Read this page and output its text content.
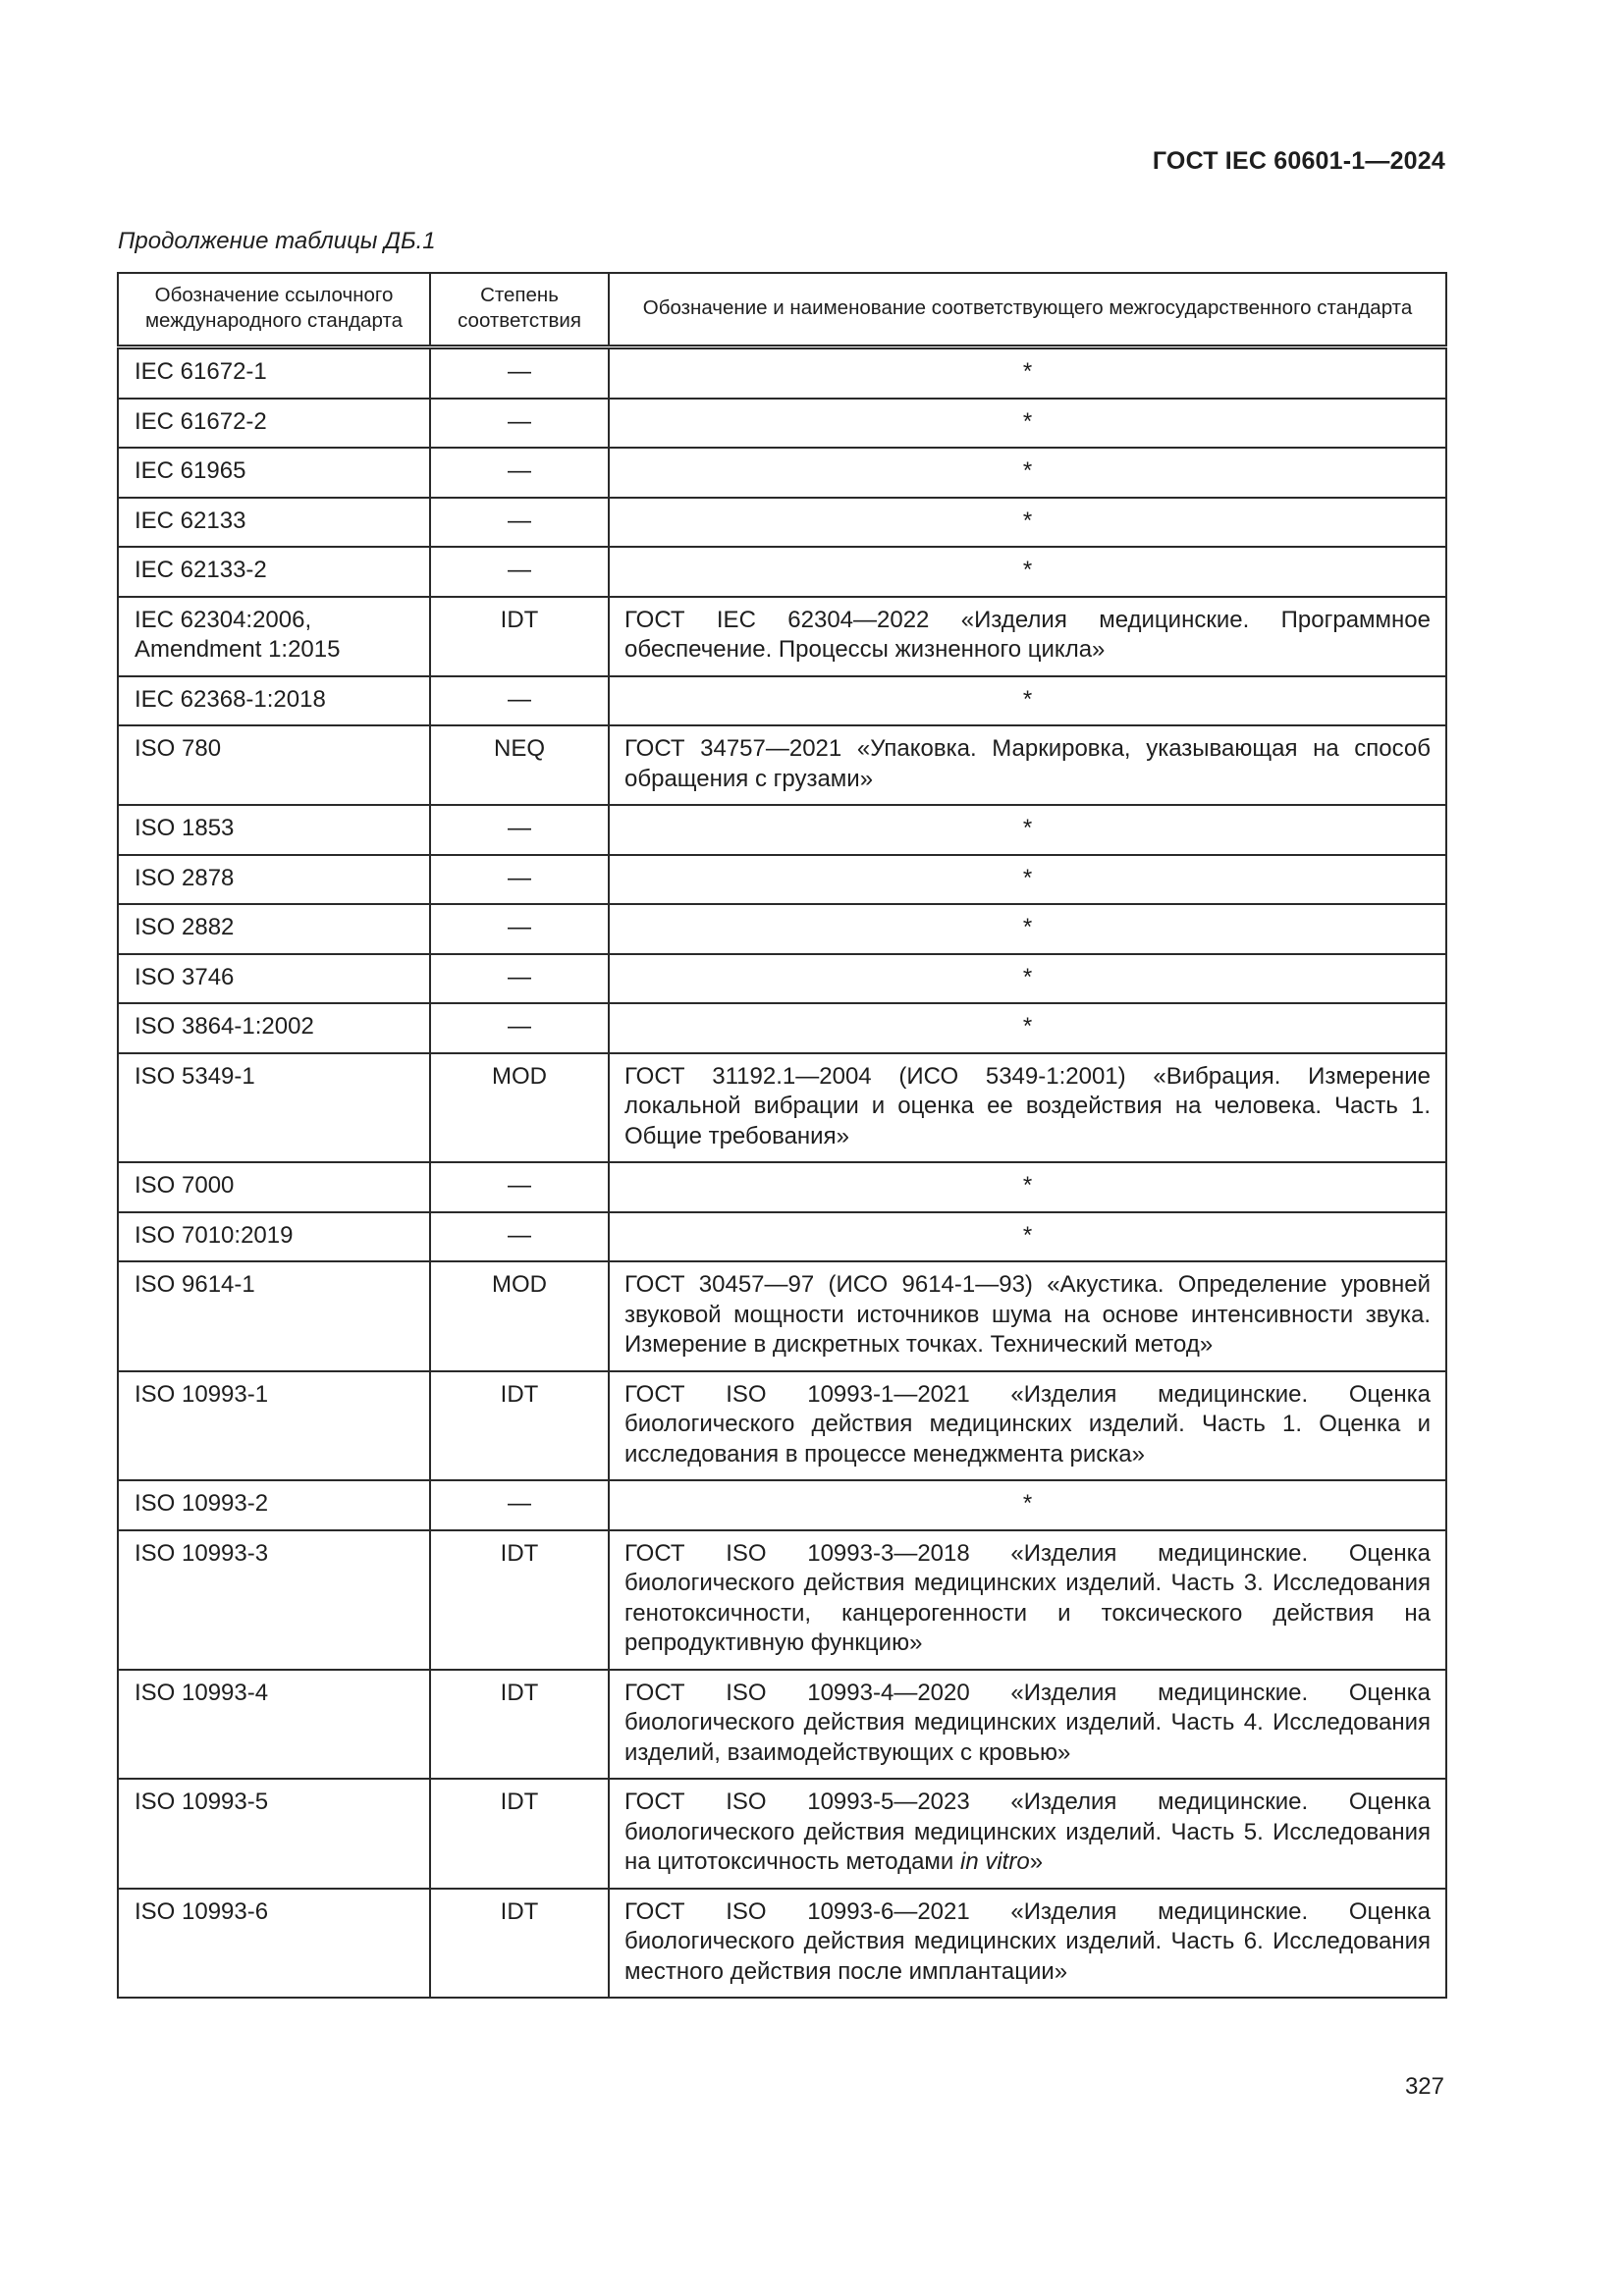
ГОСТ IEC 60601-1—2024
Продолжение таблицы ДБ.1
Обозначение ссылочного международного стандарта	Степень соответствия	Обозначение и наименование соответствующего межгосударственного стандарта
IEC 61672-1	—	*
IEC 61672-2	—	*
IEC 61965	—	*
IEC 62133	—	*
IEC 62133-2	—	*
IEC 62304:2006, Amendment 1:2015	IDT	ГОСТ IEC 62304—2022 «Изделия медицинские. Программное обеспечение. Процессы жизненного цикла»
IEC 62368-1:2018	—	*
ISO 780	NEQ	ГОСТ 34757—2021 «Упаковка. Маркировка, указывающая на способ обращения с грузами»
ISO 1853	—	*
ISO 2878	—	*
ISO 2882	—	*
ISO 3746	—	*
ISO 3864-1:2002	—	*
ISO 5349-1	MOD	ГОСТ 31192.1—2004 (ИСО 5349-1:2001) «Вибрация. Измерение локальной вибрации и оценка ее воздействия на человека. Часть 1. Общие требования»
ISO 7000	—	*
ISO 7010:2019	—	*
ISO 9614-1	MOD	ГОСТ 30457—97 (ИСО 9614-1—93) «Акустика. Определение уровней звуковой мощности источников шума на основе интенсивности звука. Измерение в дискретных точках. Технический метод»
ISO 10993-1	IDT	ГОСТ ISO 10993-1—2021 «Изделия медицинские. Оценка биологического действия медицинских изделий. Часть 1. Оценка и исследования в процессе менеджмента риска»
ISO 10993-2	—	*
ISO 10993-3	IDT	ГОСТ ISO 10993-3—2018 «Изделия медицинские. Оценка биологического действия медицинских изделий. Часть 3. Исследования генотоксичности, канцерогенности и токсического действия на репродуктивную функцию»
ISO 10993-4	IDT	ГОСТ ISO 10993-4—2020 «Изделия медицинские. Оценка биологического действия медицинских изделий. Часть 4. Исследования изделий, взаимодействующих с кровью»
ISO 10993-5	IDT	ГОСТ ISO 10993-5—2023 «Изделия медицинские. Оценка биологического действия медицинских изделий. Часть 5. Исследования на цитотоксичность методами in vitro»
ISO 10993-6	IDT	ГОСТ ISO 10993-6—2021 «Изделия медицинские. Оценка биологического действия медицинских изделий. Часть 6. Исследования местного действия после имплантации»
327
